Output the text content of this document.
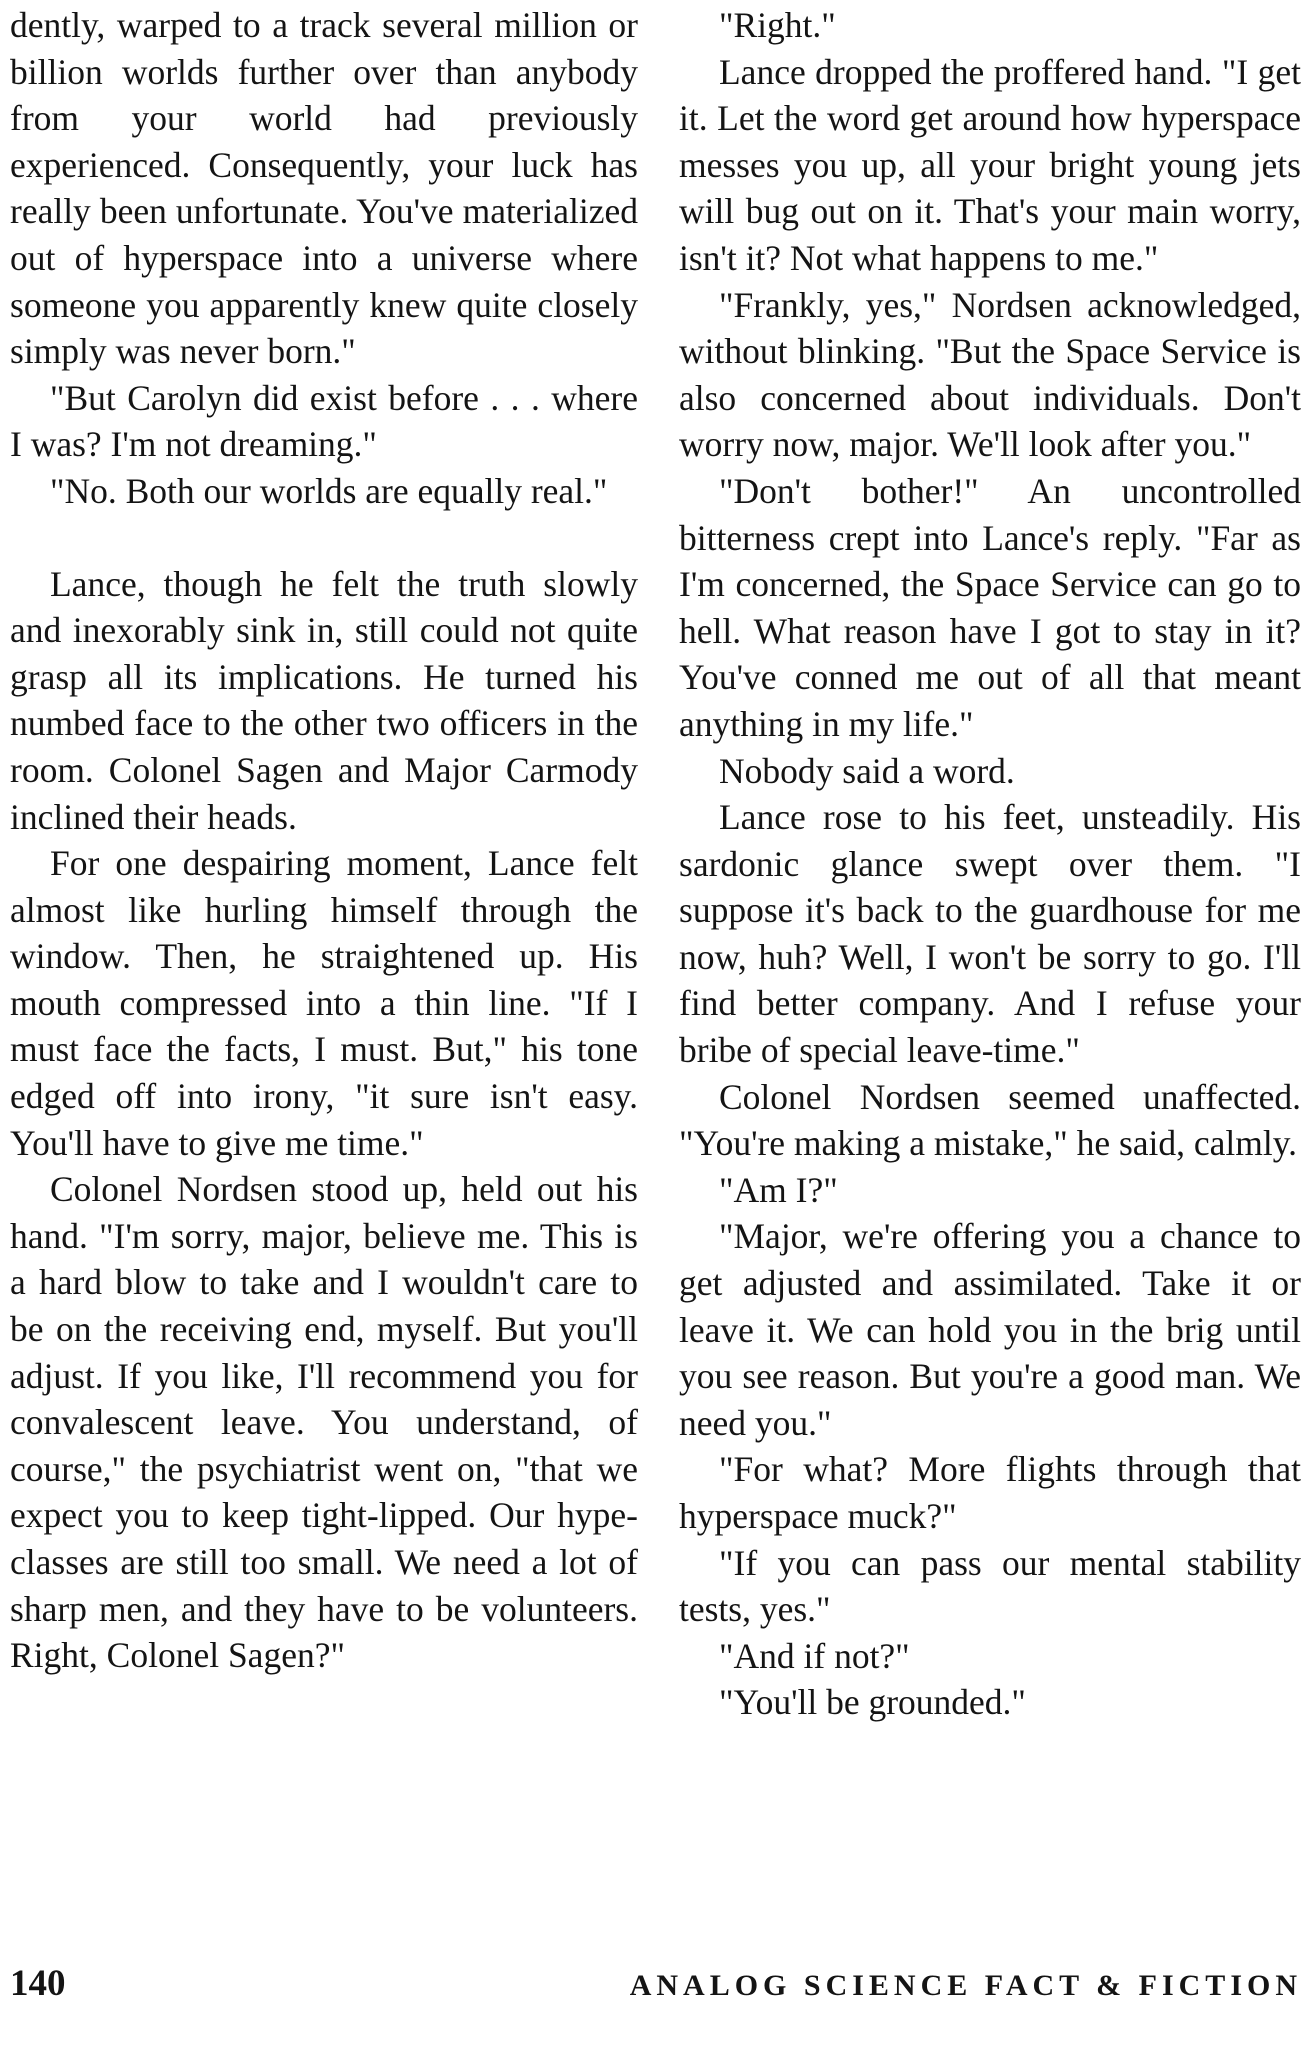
dently, warped to a track several million or billion worlds further over than anybody from your world had previously experienced. Consequently, your luck has really been unfortunate. You've materialized out of hyperspace into a universe where someone you apparently knew quite closely simply was never born."

"But Carolyn did exist before . . . where I was? I'm not dreaming."

"No. Both our worlds are equally real."

Lance, though he felt the truth slowly and inexorably sink in, still could not quite grasp all its implications. He turned his numbed face to the other two officers in the room. Colonel Sagen and Major Carmody inclined their heads.

For one despairing moment, Lance felt almost like hurling himself through the window. Then, he straightened up. His mouth compressed into a thin line. "If I must face the facts, I must. But," his tone edged off into irony, "it sure isn't easy. You'll have to give me time."

Colonel Nordsen stood up, held out his hand. "I'm sorry, major, believe me. This is a hard blow to take and I wouldn't care to be on the receiving end, myself. But you'll adjust. If you like, I'll recommend you for convalescent leave. You understand, of course," the psychiatrist went on, "that we expect you to keep tight-lipped. Our hype-classes are still too small. We need a lot of sharp men, and they have to be volunteers. Right, Colonel Sagen?"

"Right."

Lance dropped the proffered hand. "I get it. Let the word get around how hyperspace messes you up, all your bright young jets will bug out on it. That's your main worry, isn't it? Not what happens to me."

"Frankly, yes," Nordsen acknowledged, without blinking. "But the Space Service is also concerned about individuals. Don't worry now, major. We'll look after you."

"Don't bother!" An uncontrolled bitterness crept into Lance's reply. "Far as I'm concerned, the Space Service can go to hell. What reason have I got to stay in it? You've conned me out of all that meant anything in my life."

Nobody said a word.

Lance rose to his feet, unsteadily. His sardonic glance swept over them. "I suppose it's back to the guardhouse for me now, huh? Well, I won't be sorry to go. I'll find better company. And I refuse your bribe of special leave-time."

Colonel Nordsen seemed unaffected. "You're making a mistake," he said, calmly.

"Am I?"

"Major, we're offering you a chance to get adjusted and assimilated. Take it or leave it. We can hold you in the brig until you see reason. But you're a good man. We need you."

"For what? More flights through that hyperspace muck?"

"If you can pass our mental stability tests, yes."

"And if not?"

"You'll be grounded."

140	ANALOG SCIENCE FACT & FICTION
